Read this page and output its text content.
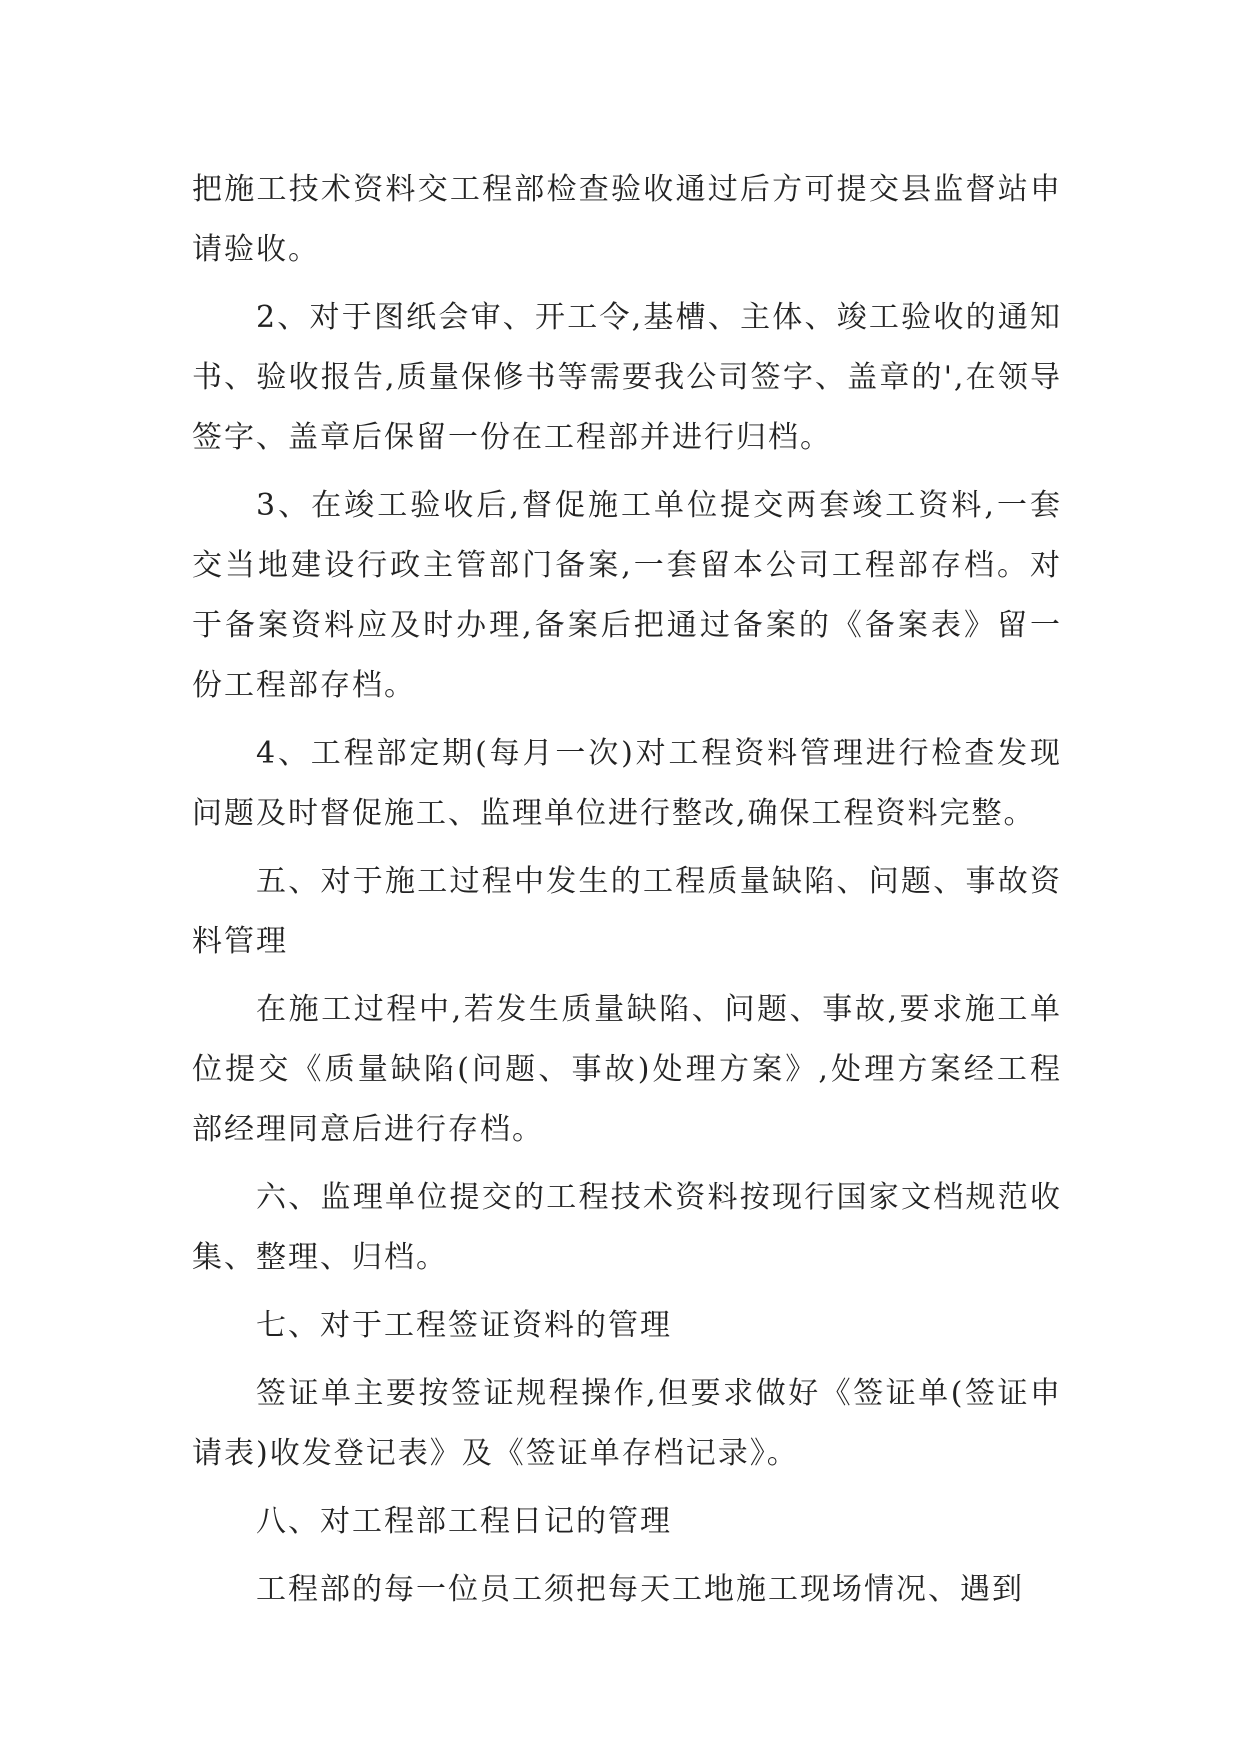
把施工技术资料交工程部检查验收通过后方可提交县监督站申请验收。

2、对于图纸会审、开工令,基槽、主体、竣工验收的通知书、验收报告,质量保修书等需要我公司签字、盖章的',在领导签字、盖章后保留一份在工程部并进行归档。

3、在竣工验收后,督促施工单位提交两套竣工资料,一套交当地建设行政主管部门备案,一套留本公司工程部存档。对于备案资料应及时办理,备案后把通过备案的《备案表》留一份工程部存档。

4、工程部定期(每月一次)对工程资料管理进行检查发现问题及时督促施工、监理单位进行整改,确保工程资料完整。

五、对于施工过程中发生的工程质量缺陷、问题、事故资料管理

在施工过程中,若发生质量缺陷、问题、事故,要求施工单位提交《质量缺陷(问题、事故)处理方案》,处理方案经工程部经理同意后进行存档。

六、监理单位提交的工程技术资料按现行国家文档规范收集、整理、归档。

七、对于工程签证资料的管理

签证单主要按签证规程操作,但要求做好《签证单(签证申请表)收发登记表》及《签证单存档记录》。

八、对工程部工程日记的管理

工程部的每一位员工须把每天工地施工现场情况、遇到
